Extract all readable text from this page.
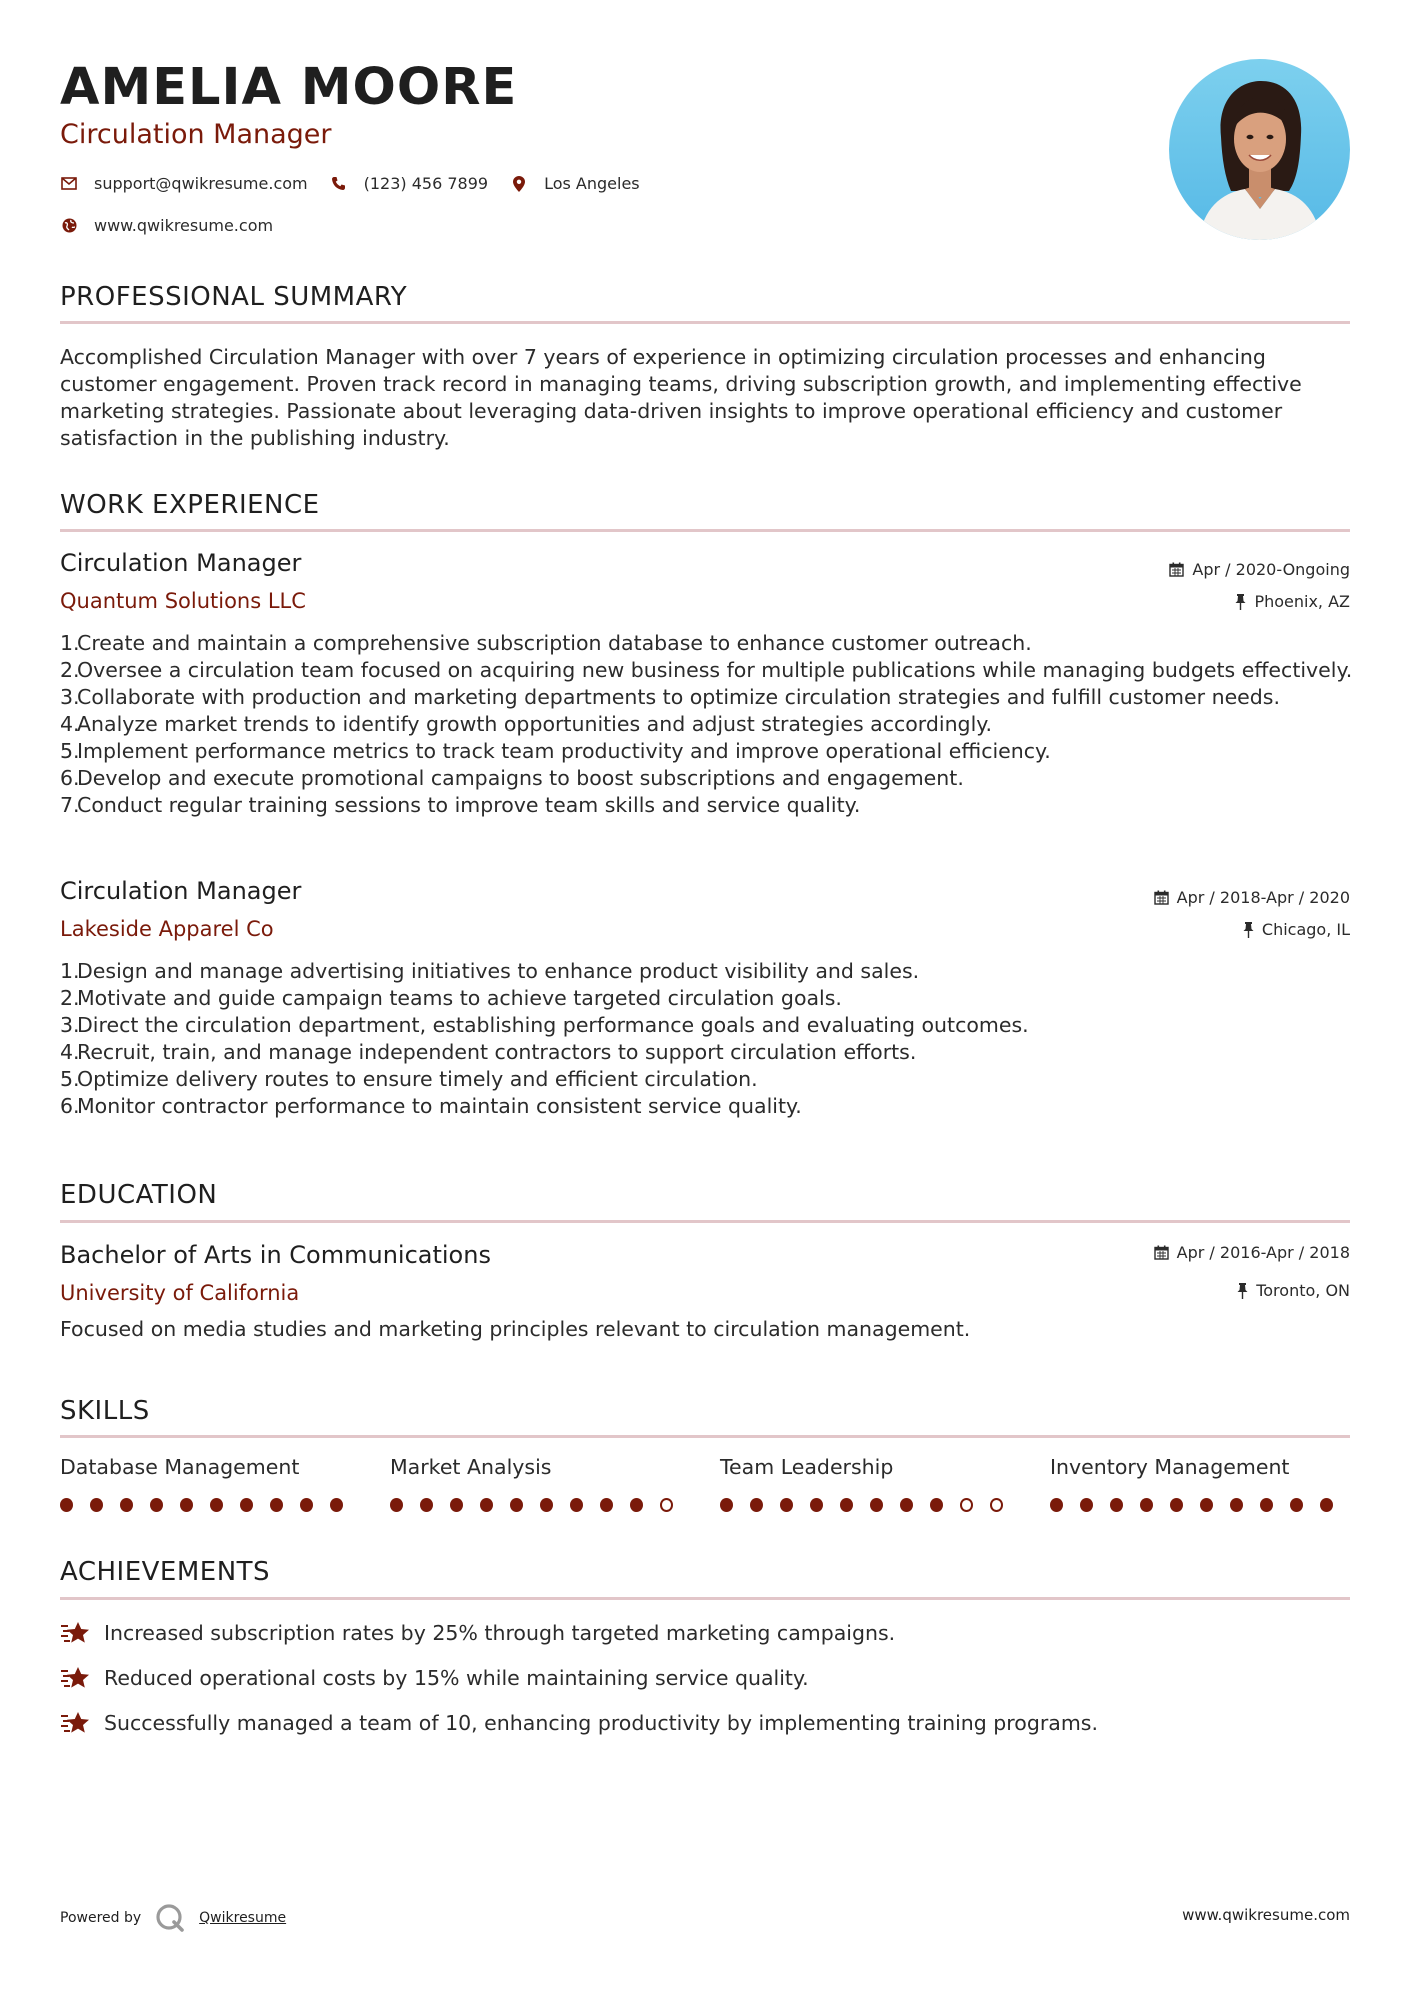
AMELIA MOORE
Circulation Manager
support@qwikresume.com	(123) 456 7899	Los Angeles
www.qwikresume.com
PROFESSIONAL SUMMARY
Accomplished Circulation Manager with over 7 years of experience in optimizing circulation processes and enhancing customer engagement. Proven track record in managing teams, driving subscription growth, and implementing effective marketing strategies. Passionate about leveraging data-driven insights to improve operational efficiency and customer satisfaction in the publishing industry.
WORK EXPERIENCE
Circulation Manager
Quantum Solutions LLC
Apr / 2020-Ongoing
Phoenix, AZ
1.
Create and maintain a comprehensive subscription database to enhance customer outreach.
2.
Oversee a circulation team focused on acquiring new business for multiple publications while managing budgets effectively.
3.
Collaborate with production and marketing departments to optimize circulation strategies and fulfill customer needs.
4.
Analyze market trends to identify growth opportunities and adjust strategies accordingly.
5.
Implement performance metrics to track team productivity and improve operational efficiency.
6.
Develop and execute promotional campaigns to boost subscriptions and engagement.
7.
Conduct regular training sessions to improve team skills and service quality.
Circulation Manager
Lakeside Apparel Co
Apr / 2018-Apr / 2020
Chicago, IL
1.
Design and manage advertising initiatives to enhance product visibility and sales.
2.
Motivate and guide campaign teams to achieve targeted circulation goals.
3.
Direct the circulation department, establishing performance goals and evaluating outcomes.
4.
Recruit, train, and manage independent contractors to support circulation efforts.
5.
Optimize delivery routes to ensure timely and efficient circulation.
6.
Monitor contractor performance to maintain consistent service quality.
EDUCATION
Bachelor of Arts in Communications
University of California
Apr / 2016-Apr / 2018
Toronto, ON
Focused on media studies and marketing principles relevant to circulation management.
SKILLS
Database Management	Market Analysis	Team Leadership	Inventory Management
ACHIEVEMENTS
Increased subscription rates by 25% through targeted marketing campaigns.
Reduced operational costs by 15% while maintaining service quality.
Successfully managed a team of 10, enhancing productivity by implementing training programs.
Powered by	Qwikresume	www.qwikresume.com
